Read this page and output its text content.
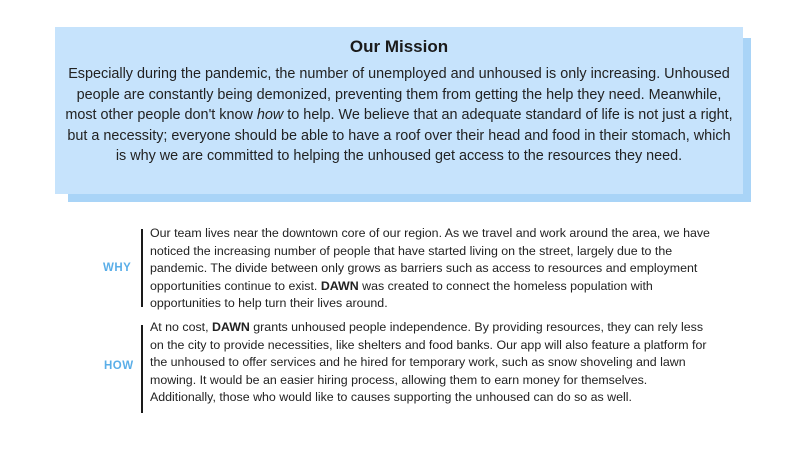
Our Mission

Especially during the pandemic, the number of unemployed and unhoused is only increasing. Unhoused people are constantly being demonized, preventing them from getting the help they need. Meanwhile, most other people don't know how to help. We believe that an adequate standard of life is not just a right, but a necessity; everyone should be able to have a roof over their head and food in their stomach, which is why we are committed to helping the unhoused get access to the resources they need.

WHY

Our team lives near the downtown core of our region. As we travel and work around the area, we have noticed the increasing number of people that have started living on the street, largely due to the pandemic. The divide between only grows as barriers such as access to resources and employment opportunities continue to exist. DAWN was created to connect the homeless population with opportunities to help turn their lives around.

HOW

At no cost, DAWN grants unhoused people independence. By providing resources, they can rely less on the city to provide necessities, like shelters and food banks. Our app will also feature a platform for the unhoused to offer services and he hired for temporary work, such as snow shoveling and lawn mowing. It would be an easier hiring process, allowing them to earn money for themselves. Additionally, those who would like to causes supporting the unhoused can do so as well.
